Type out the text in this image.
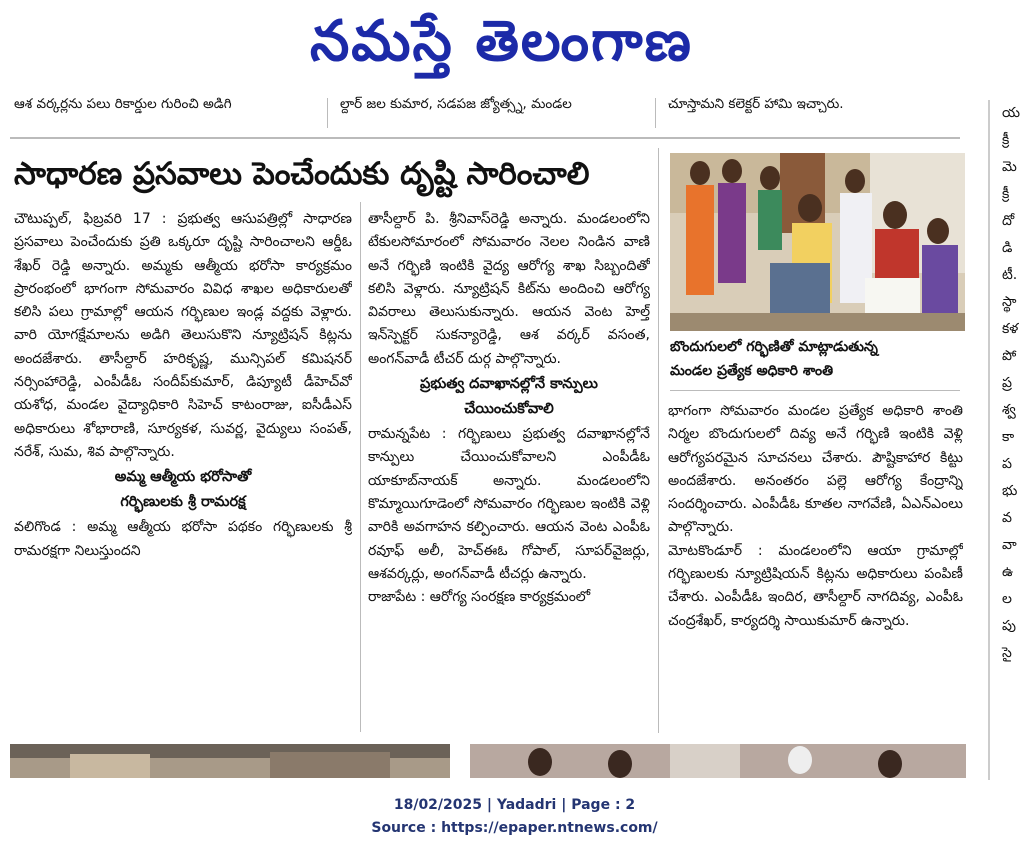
నమస్తే తెలంగాణ
ఆశ వర్కర్లను పలు రికార్డుల గురించి అడిగి	ల్దార్ జల కుమార, సడపజ జ్యోత్స్న, మండల	చూస్తామని కలెక్టర్ హామి ఇచ్చారు.
సాధారణ ప్రసవాలు పెంచేందుకు దృష్టి సారించాలి

చౌటుప్పల్, ఫిబ్రవరి 17 : ప్రభుత్వ ఆసుపత్రిల్లో సాధారణ ప్రసవాలు పెంచేందుకు ప్రతి ఒక్కరూ దృష్టి సారించాలని ఆర్డీఓ శేఖర్ రెడ్డి అన్నారు. అమ్మకు ఆత్మీయ భరోసా కార్యక్రమం ప్రారంభంలో భాగంగా సోమవారం వివిధ శాఖల అధికారులతో కలిసి పలు గ్రామాల్లో ఆయన గర్భిణుల ఇండ్ల వద్దకు వెళ్లారు. వారి యోగక్షేమాలను అడిగి తెలుసుకొని న్యూట్రిషన్ కిట్లను అందజేశారు. తాసీల్దార్ హరికృష్ణ, మున్సిపల్ కమిషనర్ నర్సింహారెడ్డి, ఎంపీడీఓ సందీప్‌కుమార్, డిప్యూటీ డీహెచ్‌వో యశోధ, మండల వైద్యాధికారి సిహెచ్ కాటంరాజు, ఐసీడీఎస్ అధికారులు శోభారాణి, సూర్యకళ, సువర్ణ, వైద్యులు సంపత్, నరేశ్, సుమ, శివ పాల్గొన్నారు.

అమ్మ ఆత్మీయ భరోసాతో
గర్భిణులకు శ్రీ రామరక్ష

వలిగొండ : అమ్మ ఆత్మీయ భరోసా పథకం గర్భిణులకు శ్రీ రామరక్షగా నిలుస్తుందని

తాసీల్దార్ పి. శ్రీనివాస్‌రెడ్డి అన్నారు. మండలంలోని టేకులసోమారంలో సోమవారం నెలల నిండిన వాణి అనే గర్భిణి ఇంటికి వైద్య ఆరోగ్య శాఖ సిబ్బందితో కలిసి వెళ్లారు. న్యూట్రిషన్ కిట్‌ను అందించి ఆరోగ్య వివరాలు తెలుసుకున్నారు. ఆయన వెంట హెల్త్ ఇన్‌స్పెక్టర్ సుకన్యారెడ్డి, ఆశ వర్కర్ వసంత, అంగన్‌వాడీ టీచర్ దుర్గ పాల్గొన్నారు.

ప్రభుత్వ దవాఖానల్లోనే కాన్పులు
చేయించుకోవాలి

రామన్నపేట : గర్భిణులు ప్రభుత్వ దవాఖానల్లోనే కాన్పులు చేయించుకోవాలని ఎంపీడీఓ యాకూబ్‌నాయక్ అన్నారు. మండలంలోని కొమ్మాయిగూడెంలో సోమవారం గర్భిణుల ఇంటికి వెళ్లి వారికి అవగాహన కల్పించారు. ఆయన వెంట ఎంపీఓ రవూఫ్ అలీ, హెచ్ఈఓ గోపాల్, సూపర్‌వైజర్లు, ఆశవర్కర్లు, అంగన్‌వాడీ టీచర్లు ఉన్నారు.

రాజాపేట : ఆరోగ్య సంరక్షణ కార్యక్రమంలో

బొందుగులలో గర్భిణితో మాట్లాడుతున్న
మండల ప్రత్యేక అధికారి శాంతి

భాగంగా సోమవారం మండల ప్రత్యేక అధికారి శాంతి నిర్మల బొందుగులలో దివ్య అనే గర్భిణి ఇంటికి వెళ్లి ఆరోగ్యపరమైన సూచనలు చేశారు. పౌష్టికాహార కిట్టు అందజేశారు. అనంతరం పల్లె ఆరోగ్య కేంద్రాన్ని సందర్శించారు. ఎంపీడీఓ కూతల నాగవేణి, ఏఎన్ఎంలు పాల్గొన్నారు.

మోటకొండూర్ : మండలంలోని ఆయా గ్రామాల్లో గర్భిణులకు న్యూట్రిషియన్ కిట్లను అధికారులు పంపిణీ చేశారు. ఎంపీడీఓ ఇందిర, తాసీల్దార్ నాగదివ్య, ఎంపీఓ చంద్రశేఖర్, కార్యదర్శి సాయికుమార్ ఉన్నారు.

య
క్రీ
మె
క్రీ
దో
డి
టీ.
స్థా
కళ
పో
ప్ర
శ్వ
కా
ప
భు
వ
వా
ఉ
ల
పు
సై
18/02/2025 | Yadadri | Page : 2
Source : https://epaper.ntnews.com/
